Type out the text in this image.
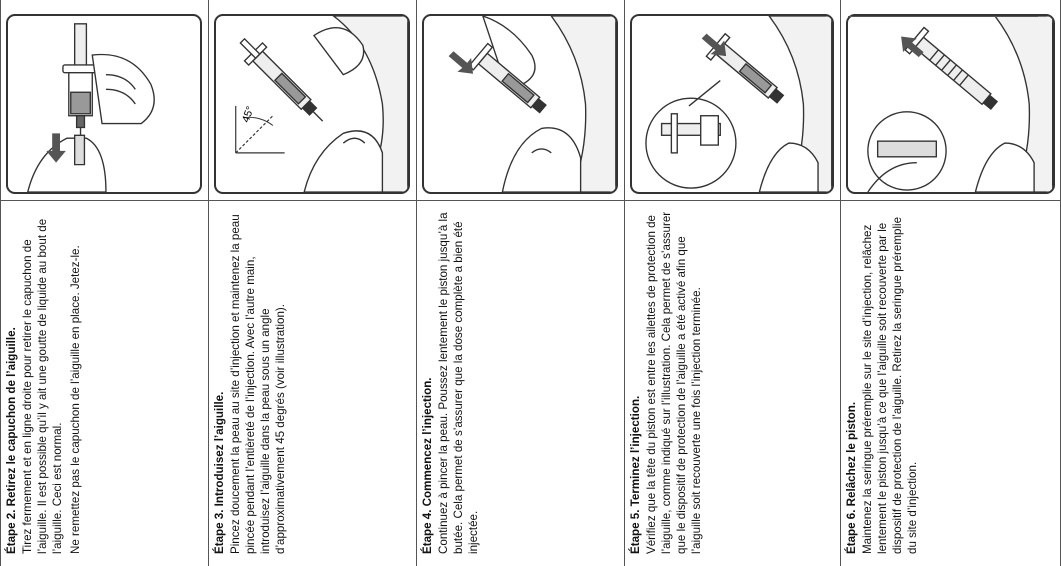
Étape 2. Retirez le capuchon de l’aiguille. Tirez fermement et en ligne droite pour retirer le capuchon de l’aiguille. Il est possible qu’il y ait une goutte de liquide au bout de l’aiguille. Ceci est normal. Ne remettez pas le capuchon de l’aiguille en place. Jetez-le.

45°

Étape 3. Introduisez l’aiguille. Pincez doucement la peau au site d’injection et maintenez la peau pincée pendant l’entièreté de l’injection. Avec l’autre main, introduisez l’aiguille dans la peau sous un angle d’approximativement 45 degrés (voir illustration).	Étape 4. Commencez l’injection. Continuez à pincer la peau. Poussez lentement le piston jusqu’à la butée. Cela permet de s’assurer que la dose complète a bien été injectée.	Étape 5. Terminez l’injection. Vérifiez que la tête du piston est entre les ailettes de protection de l’aiguille, comme indiqué sur l’illustration. Cela permet de s’assurer que le dispositif de protection de l’aiguille a été activé afin que l’aiguille soit recouverte une fois l’injection terminée.	Étape 6. Relâchez le piston. Maintenez la seringue préremplie sur le site d’injection, relâchez lentement le piston jusqu’à ce que l’aiguille soit recouverte par le dispositif de protection de l’aiguille. Retirez la seringue préremplie du site d’injection.
